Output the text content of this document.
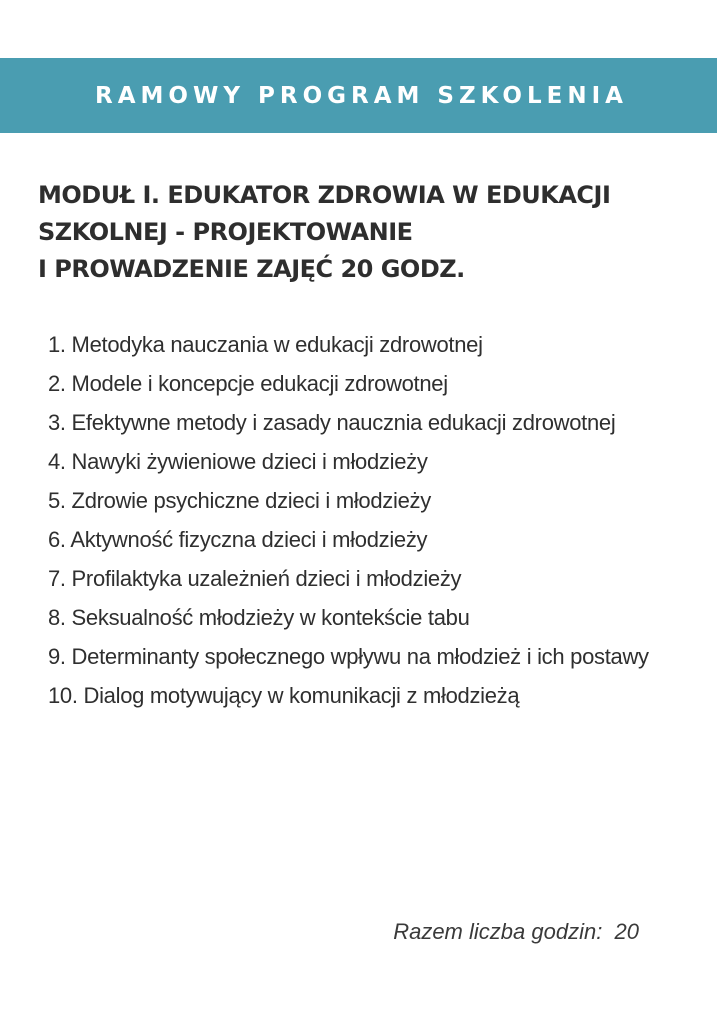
RAMOWY PROGRAM SZKOLENIA
MODUŁ I. EDUKATOR ZDROWIA W EDUKACJI
SZKOLNEJ - PROJEKTOWANIE
I PROWADZENIE ZAJĘĆ 20 GODZ.
1. Metodyka nauczania w edukacji zdrowotnej
2. Modele i koncepcje edukacji zdrowotnej
3. Efektywne metody i zasady naucznia edukacji zdrowotnej
4. Nawyki żywieniowe dzieci i młodzieży
5. Zdrowie psychiczne dzieci i młodzieży
6. Aktywność fizyczna dzieci i młodzieży
7. Profilaktyka uzależnień dzieci i młodzieży
8. Seksualność młodzieży w kontekście tabu
9. Determinanty społecznego wpływu na młodzież i ich postawy
10. Dialog motywujący w komunikacji z młodzieżą
Razem liczba godzin:  20
